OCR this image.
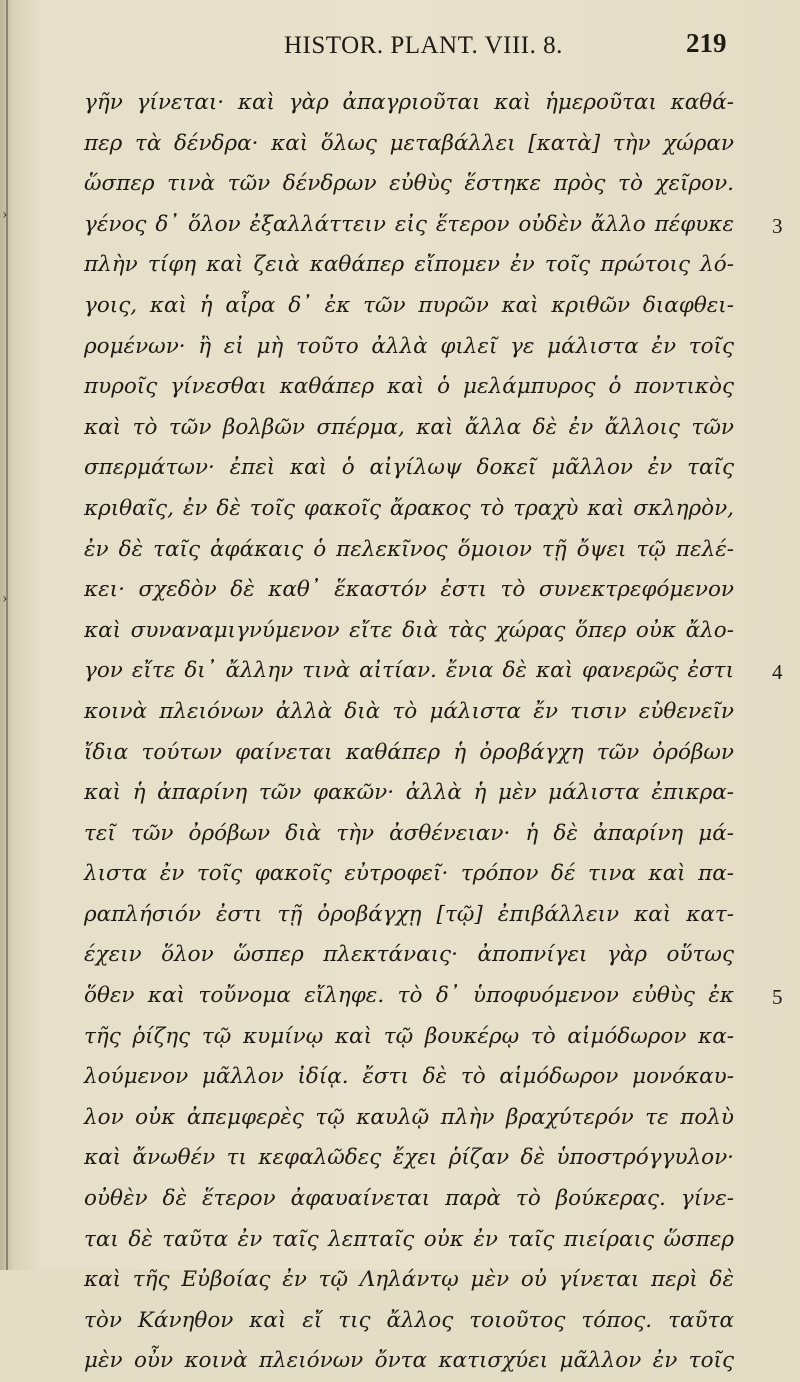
›
›
HISTOR. PLANT. VIII. 8.	219
γῆν γίνεται· καὶ γὰρ ἀπαγριοῦται καὶ ἡμεροῦται καθά-
περ τὰ δένδρα· καὶ ὅλως μεταβάλλει [κατὰ] τὴν χώραν
ὥσπερ τινὰ τῶν δένδρων εὐθὺς ἕστηκε πρὸς τὸ χεῖρον.
γένος δ᾿ ὅλον ἐξαλλάττειν εἰς ἕτερον οὐδὲν ἄλλο πέφυκε
πλὴν τίφη καὶ ζειὰ καθάπερ εἴπομεν ἐν τοῖς πρώτοις λό-
γοις, καὶ ἡ αἶρα δ᾿ ἐκ τῶν πυρῶν καὶ κριθῶν διαφθει-
ρομένων· ἢ εἰ μὴ τοῦτο ἀλλὰ φιλεῖ γε μάλιστα ἐν τοῖς
πυροῖς γίνεσθαι καθάπερ καὶ ὁ μελάμπυρος ὁ ποντικὸς
καὶ τὸ τῶν βολβῶν σπέρμα, καὶ ἄλλα δὲ ἐν ἄλλοις τῶν
σπερμάτων· ἐπεὶ καὶ ὁ αἰγίλωψ δοκεῖ μᾶλλον ἐν ταῖς
κριθαῖς, ἐν δὲ τοῖς φακοῖς ἄρακος τὸ τραχὺ καὶ σκληρὸν,
ἐν δὲ ταῖς ἀφάκαις ὁ πελεκῖνος ὅμοιον τῇ ὄψει τῷ πελέ-
κει· σχεδὸν δὲ καθ᾿ ἕκαστόν ἐστι τὸ συνεκτρεφόμενον
καὶ συναναμιγνύμενον εἴτε διὰ τὰς χώρας ὅπερ οὐκ ἄλο-
γον εἴτε δι᾿ ἄλλην τινὰ αἰτίαν. ἔνια δὲ καὶ φανερῶς ἐστι
κοινὰ πλειόνων ἀλλὰ διὰ τὸ μάλιστα ἔν τισιν εὐθενεῖν
ἴδια τούτων φαίνεται καθάπερ ἡ ὀροβάγχη τῶν ὀρόβων
καὶ ἡ ἀπαρίνη τῶν φακῶν· ἀλλὰ ἡ μὲν μάλιστα ἐπικρα-
τεῖ τῶν ὀρόβων διὰ τὴν ἀσθένειαν· ἡ δὲ ἀπαρίνη μά-
λιστα ἐν τοῖς φακοῖς εὐτροφεῖ· τρόπον δέ τινα καὶ πα-
ραπλήσιόν ἐστι τῇ ὀροβάγχῃ [τῷ] ἐπιβάλλειν καὶ κατ-
έχειν ὅλον ὥσπερ πλεκτάναις· ἀποπνίγει γὰρ οὕτως
ὅθεν καὶ τοὔνομα εἴληφε. τὸ δ᾿ ὑποφυόμενον εὐθὺς ἐκ
τῆς ῥίζης τῷ κυμίνῳ καὶ τῷ βουκέρῳ τὸ αἱμόδωρον κα-
λούμενον μᾶλλον ἰδίᾳ. ἔστι δὲ τὸ αἱμόδωρον μονόκαυ-
λον οὐκ ἀπεμφερὲς τῷ καυλῷ πλὴν βραχύτερόν τε πολὺ
καὶ ἄνωθέν τι κεφαλῶδες ἔχει ῥίζαν δὲ ὑποστρόγγυλον·
οὐθὲν δὲ ἕτερον ἀφαυαίνεται παρὰ τὸ βούκερας. γίνε-
ται δὲ ταῦτα ἐν ταῖς λεπταῖς οὐκ ἐν ταῖς πιείραις ὥσπερ
καὶ τῆς Εὐβοίας ἐν τῷ Ληλάντῳ μὲν οὐ γίνεται περὶ δὲ
τὸν Κάνηθον καὶ εἴ τις ἄλλος τοιοῦτος τόπος. ταῦτα
μὲν οὖν κοινὰ πλειόνων ὄντα κατισχύει μᾶλλον ἐν τοῖς
3
4
5
